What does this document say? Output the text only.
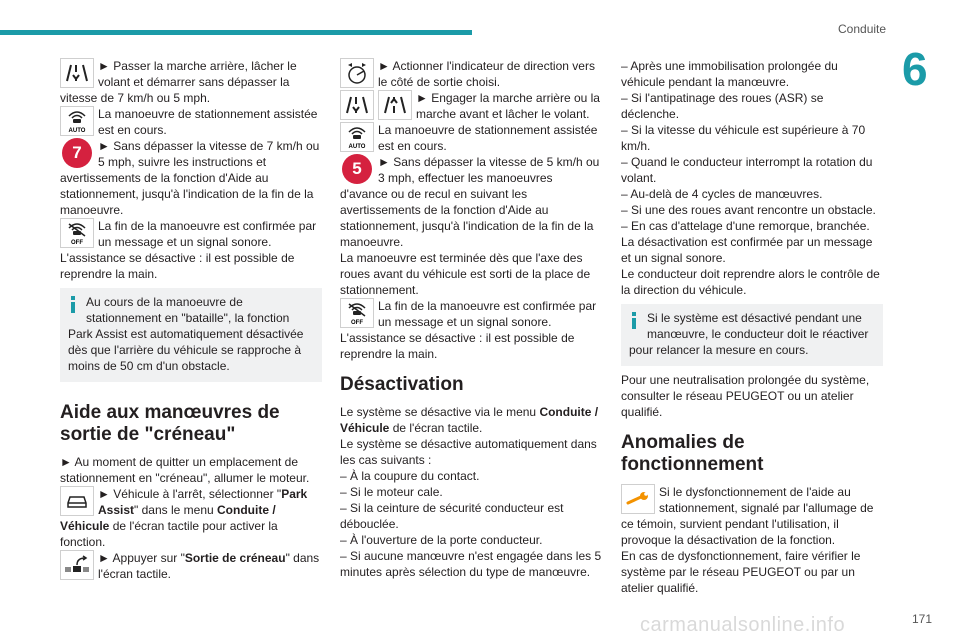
Conduite
6

► Passer la marche arrière, lâcher le volant et démarrer sans dépasser la vitesse de 7 km/h ou 5 mph.

AUTO

La manoeuvre de stationnement assistée est en cours.

7	► Sans dépasser la vitesse de 7 km/h ou 5 mph, suivre les instructions et avertissements de la fonction d'Aide au stationnement, jusqu'à l'indication de la fin de la manoeuvre.

OFF

La fin de la manoeuvre est confirmée par un message et un signal sonore.

L'assistance se désactive : il est possible de reprendre la main.

Au cours de la manoeuvre de stationnement en "bataille", la fonction Park Assist est automatiquement désactivée dès que l'arrière du véhicule se rapproche à moins de 50 cm d'un obstacle.

Aide aux manœuvres de sortie de "créneau"

► Au moment de quitter un emplacement de stationnement en "créneau", allumer le moteur.

► Véhicule à l'arrêt, sélectionner "Park Assist" dans le menu Conduite / Véhicule de l'écran tactile pour activer la fonction.

► Appuyer sur "Sortie de créneau" dans l'écran tactile.

► Actionner l'indicateur de direction vers le côté de sortie choisi.

► Engager la marche arrière ou la marche avant et lâcher le volant.

AUTO

La manoeuvre de stationnement assistée est en cours.

5	► Sans dépasser la vitesse de 5 km/h ou 3 mph, effectuer les manoeuvres d'avance ou de recul en suivant les avertissements de la fonction d'Aide au stationnement, jusqu'à l'indication de la fin de la manoeuvre.

La manoeuvre est terminée dès que l'axe des roues avant du véhicule est sorti de la place de stationnement.

OFF

La fin de la manoeuvre est confirmée par un message et un signal sonore.

L'assistance se désactive : il est possible de reprendre la main.

Désactivation

Le système se désactive via le menu Conduite / Véhicule de l'écran tactile.

Le système se désactive automatiquement dans les cas suivants :

– À la coupure du contact.

– Si le moteur cale.

– Si la ceinture de sécurité conducteur est débouclée.

– À l'ouverture de la porte conducteur.

– Si aucune manœuvre n'est engagée dans les 5 minutes après sélection du type de manœuvre.

– Après une immobilisation prolongée du véhicule pendant la manœuvre.

– Si l'antipatinage des roues (ASR) se déclenche.

– Si la vitesse du véhicule est supérieure à 70 km/h.

– Quand le conducteur interrompt la rotation du volant.

– Au-delà de 4 cycles de manœuvres.

– Si une des roues avant rencontre un obstacle.

– En cas d'attelage d'une remorque, branchée.

La désactivation est confirmée par un message et un signal sonore.

Le conducteur doit reprendre alors le contrôle de la direction du véhicule.

Si le système est désactivé pendant une manœuvre, le conducteur doit le réactiver pour relancer la mesure en cours.

Pour une neutralisation prolongée du système, consulter le réseau PEUGEOT ou un atelier qualifié.

Anomalies de fonctionnement

Si le dysfonctionnement de l'aide au stationnement, signalé par l'allumage de ce témoin, survient pendant l'utilisation, il provoque la désactivation de la fonction.

En cas de dysfonctionnement, faire vérifier le système par le réseau PEUGEOT ou par un atelier qualifié.

carmanualsonline.info	171
